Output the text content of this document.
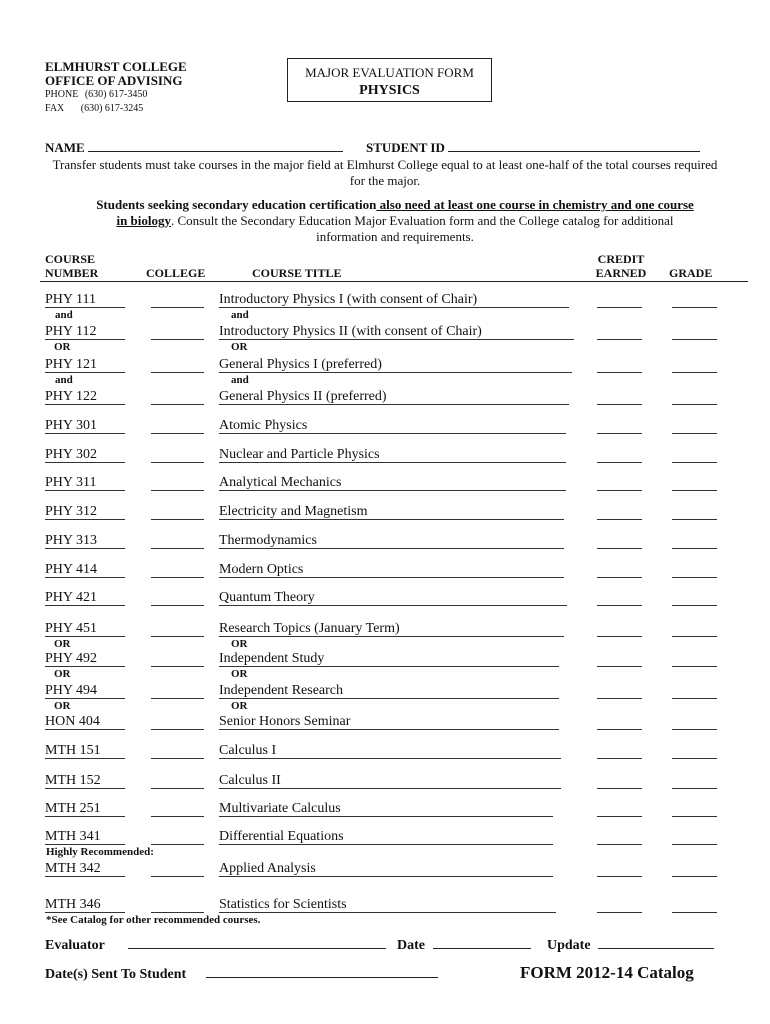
ELMHURST COLLEGE
OFFICE OF ADVISING
PHONE (630) 617-3450
FAX (630) 617-3245
MAJOR EVALUATION FORM
PHYSICS
NAME	STUDENT ID
Transfer students must take courses in the major field at Elmhurst College equal to at least one-half of the total courses required for the major.
Students seeking secondary education certification also need at least one course in chemistry and one course in biology. Consult the Secondary Education Major Evaluation form and the College catalog for additional information and requirements.
COURSE
NUMBER	COLLEGE	COURSE TITLE
CREDIT
EARNED GRADE
PHY 111	Introductory Physics I (with consent of Chair)
and	and
PHY 112	Introductory Physics II (with consent of Chair)
OR	OR
PHY 121	General Physics I (preferred)
and	and
PHY 122	General Physics II (preferred)
PHY 301	Atomic Physics
PHY 302	Nuclear and Particle Physics
PHY 311	Analytical Mechanics
PHY 312	Electricity and Magnetism
PHY 313	Thermodynamics
PHY 414	Modern Optics
PHY 421	Quantum Theory
PHY 451	Research Topics (January Term)
OR	OR
PHY 492	Independent Study
OR	OR
PHY 494	Independent Research
OR	OR
HON 404	Senior Honors Seminar
MTH 151	Calculus I
MTH 152	Calculus II
MTH 251	Multivariate Calculus
MTH 341	Differential Equations
MTH 342	Applied Analysis
MTH 346	Statistics for Scientists
Highly Recommended:
*See Catalog for other recommended courses.
Evaluator	Date	Update
Date(s) Sent To Student	FORM 2012-14 Catalog
